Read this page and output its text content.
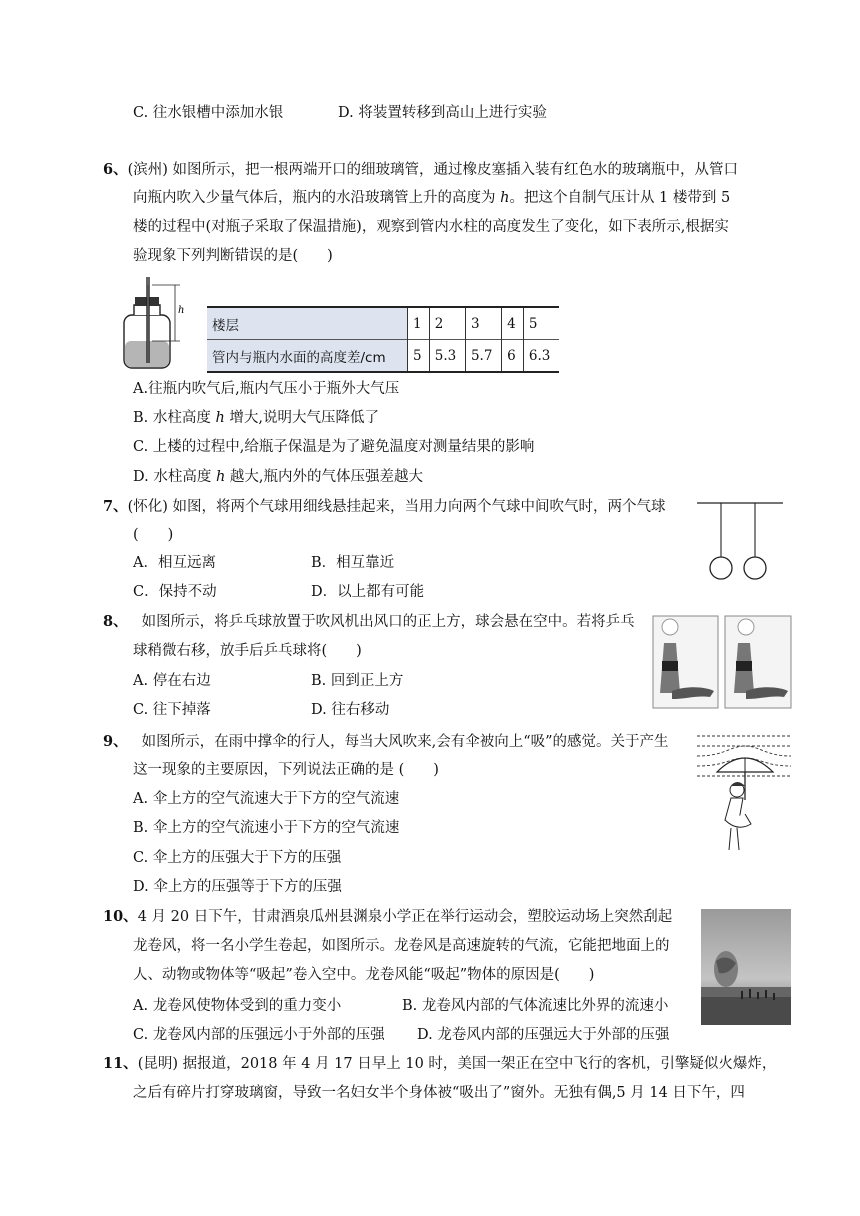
C. 往水银槽中添加水银	D. 将装置转移到高山上进行实验
6、(滨州) 如图所示，把一根两端开口的细玻璃管，通过橡皮塞插入装有红色水的玻璃瓶中，从管口
向瓶内吹入少量气体后，瓶内的水沿玻璃管上升的高度为 h。把这个自制气压计从 1 楼带到 5
楼的过程中(对瓶子采取了保温措施)，观察到管内水柱的高度发生了变化，如下表所示,根据实
验现象下列判断错误的是(　　)
h
楼层	1	2	3	4	5
管内与瓶内水面的高度差/cm	5	5.3	5.7	6	6.3
A.往瓶内吹气后,瓶内气压小于瓶外大气压
B. 水柱高度 h 增大,说明大气压降低了
C. 上楼的过程中,给瓶子保温是为了避免温度对测量结果的影响
D. 水柱高度 h 越大,瓶内外的气体压强差越大
7、(怀化) 如图，将两个气球用细线悬挂起来，当用力向两个气球中间吹气时，两个气球
(　　)
A．相互远离	B．相互靠近
C．保持不动	D．以上都有可能
8、 如图所示，将乒乓球放置于吹风机出风口的正上方，球会悬在空中。若将乒乓
球稍微右移，放手后乒乓球将(　　)
A. 停在右边	B. 回到正上方
C. 往下掉落	D. 往右移动
9、 如图所示，在雨中撑伞的行人，每当大风吹来,会有伞被向上“吸”的感觉。关于产生
这一现象的主要原因，下列说法正确的是 (　　)
A. 伞上方的空气流速大于下方的空气流速
B. 伞上方的空气流速小于下方的空气流速
C. 伞上方的压强大于下方的压强
D. 伞上方的压强等于下方的压强
10、4 月 20 日下午，甘肃酒泉瓜州县渊泉小学正在举行运动会，塑胶运动场上突然刮起
龙卷风，将一名小学生卷起，如图所示。龙卷风是高速旋转的气流，它能把地面上的
人、动物或物体等“吸起”卷入空中。龙卷风能“吸起”物体的原因是(　　)
A. 龙卷风使物体受到的重力变小	B. 龙卷风内部的气体流速比外界的流速小
C. 龙卷风内部的压强远小于外部的压强 D. 龙卷风内部的压强远大于外部的压强
11、(昆明) 据报道，2018 年 4 月 17 日早上 10 时，美国一架正在空中飞行的客机，引擎疑似火爆炸，
之后有碎片打穿玻璃窗，导致一名妇女半个身体被“吸出了”窗外。无独有偶,5 月 14 日下午，四
